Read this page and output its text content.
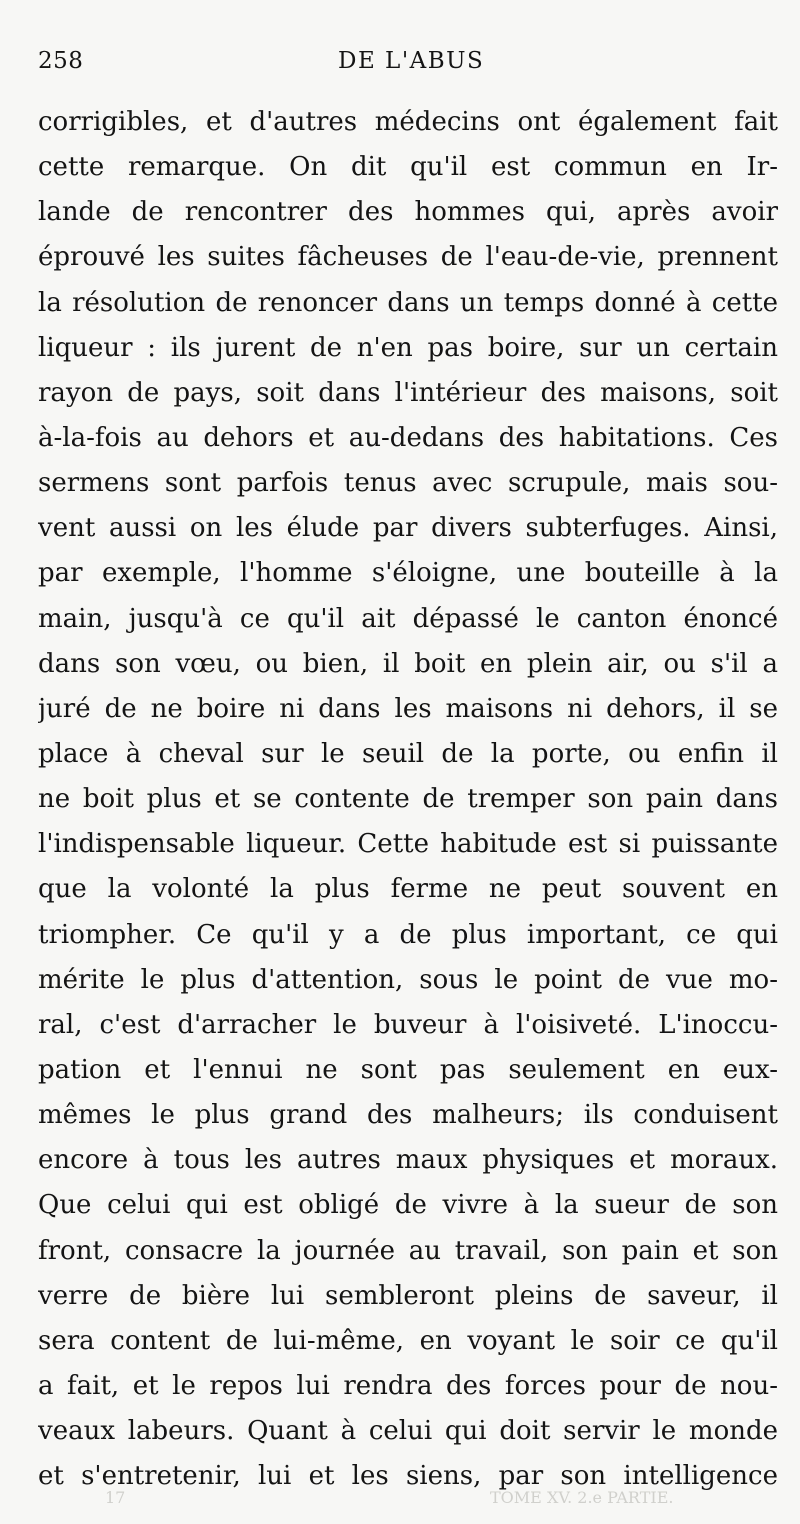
258	DE L'ABUS
corrigibles, et d'autres médecins ont également fait
cette remarque. On dit qu'il est commun en Ir-
lande de rencontrer des hommes qui, après avoir
éprouvé les suites fâcheuses de l'eau-de-vie, prennent
la résolution de renoncer dans un temps donné à cette
liqueur : ils jurent de n'en pas boire, sur un certain
rayon de pays, soit dans l'intérieur des maisons, soit
à-la-fois au dehors et au-dedans des habitations. Ces
sermens sont parfois tenus avec scrupule, mais sou-
vent aussi on les élude par divers subterfuges. Ainsi,
par exemple, l'homme s'éloigne, une bouteille à la
main, jusqu'à ce qu'il ait dépassé le canton énoncé
dans son vœu, ou bien, il boit en plein air, ou s'il a
juré de ne boire ni dans les maisons ni dehors, il se
place à cheval sur le seuil de la porte, ou enfin il
ne boit plus et se contente de tremper son pain dans
l'indispensable liqueur. Cette habitude est si puissante
que la volonté la plus ferme ne peut souvent en
triompher. Ce qu'il y a de plus important, ce qui
mérite le plus d'attention, sous le point de vue mo-
ral, c'est d'arracher le buveur à l'oisiveté. L'inoccu-
pation et l'ennui ne sont pas seulement en eux-
mêmes le plus grand des malheurs; ils conduisent
encore à tous les autres maux physiques et moraux.
Que celui qui est obligé de vivre à la sueur de son
front, consacre la journée au travail, son pain et son
verre de bière lui sembleront pleins de saveur, il
sera content de lui-même, en voyant le soir ce qu'il
a fait, et le repos lui rendra des forces pour de nou-
veaux labeurs. Quant à celui qui doit servir le monde
et s'entretenir, lui et les siens, par son intelligence
17	TOME XV. 2.e PARTIE.
